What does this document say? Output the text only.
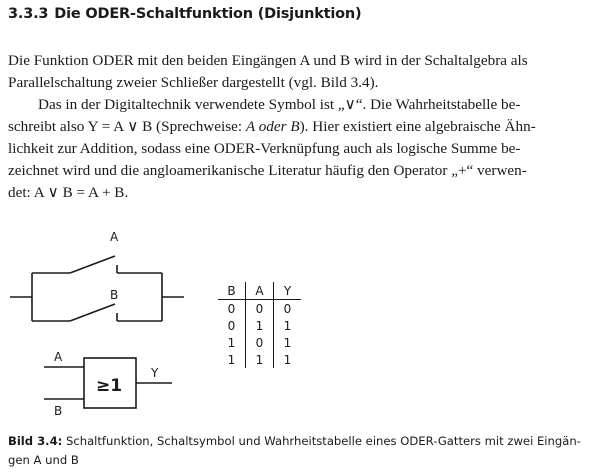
3.3.3 Die ODER-Schaltfunktion (Disjunktion)
Die Funktion ODER mit den beiden Eingängen A und B wird in der Schaltalgebra als
Parallelschaltung zweier Schließer dargestellt (vgl. Bild 3.4).
Das in der Digitaltechnik verwendete Symbol ist „∨“. Die Wahrheitstabelle be-
schreibt also Y = A ∨ B (Sprechweise: A oder B). Hier existiert eine algebraische Ähn-
lichkeit zur Addition, sodass eine ODER-Verknüpfung auch als logische Summe be-
zeichnet wird und die angloamerikanische Literatur häufig den Operator „+“ verwen-
det: A ∨ B = A + B.
A
B
≥1
A
B
Y
B	A	Y
0	0	0
0	1	1
1	0	1
1	1	1
Bild 3.4: Schaltfunktion, Schaltsymbol und Wahrheitstabelle eines ODER-Gatters mit zwei Eingän-
gen A und B
